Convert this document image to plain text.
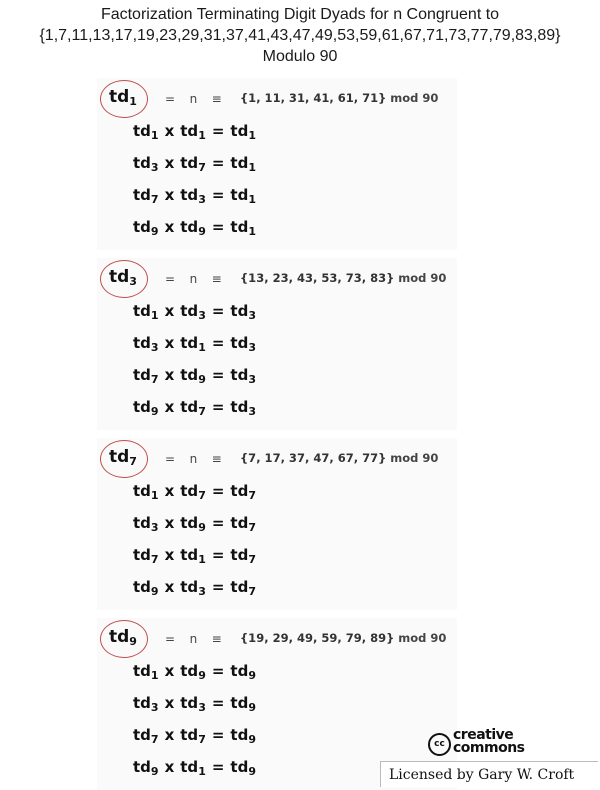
Factorization Terminating Digit Dyads for n Congruent to
{1,7,11,13,17,19,23,29,31,37,41,43,47,49,53,59,61,67,71,73,77,79,83,89}
Modulo 90
$td_1 = n \equiv \{1$, 11, 31, 41, 61, 71} mod 90
$td_1$ x $td_1 = td_1$
$td_3$ x $td_7 = td_1$
$td_7$ x $td_3 = td_1$
$td_9$ x $td_9 = td_1$
$td_3 = n \equiv \{13$, 23, 43, 53, 73, 83} mod 90
$td_1$ x $td_3 = td_3$
$td_3$ x $td_1 = td_3$
$td_7$ x $td_9 = td_3$
$td_9$ x $td_7 = td_3$
$td_7 = n \equiv \{7$, 17, 37, 47, 67, 77} mod 90
$td_1$ x $td_7 = td_7$
$td_3$ x $td_9 = td_7$
$td_7$ x $td_1 = td_7$
$td_9$ x $td_3 = td_7$
$td_9 = n \equiv \{19$, 29, 49, 59, 79, 89} mod 90
$td_1$ x $td_9 = td_9$
$td_3$ x $td_3 = td_9$
$td_7$ x $td_7 = td_9$
$td_9$ x $td_1 = td_9$
cc
creative
commons
Licensed by Gary W. Croft
